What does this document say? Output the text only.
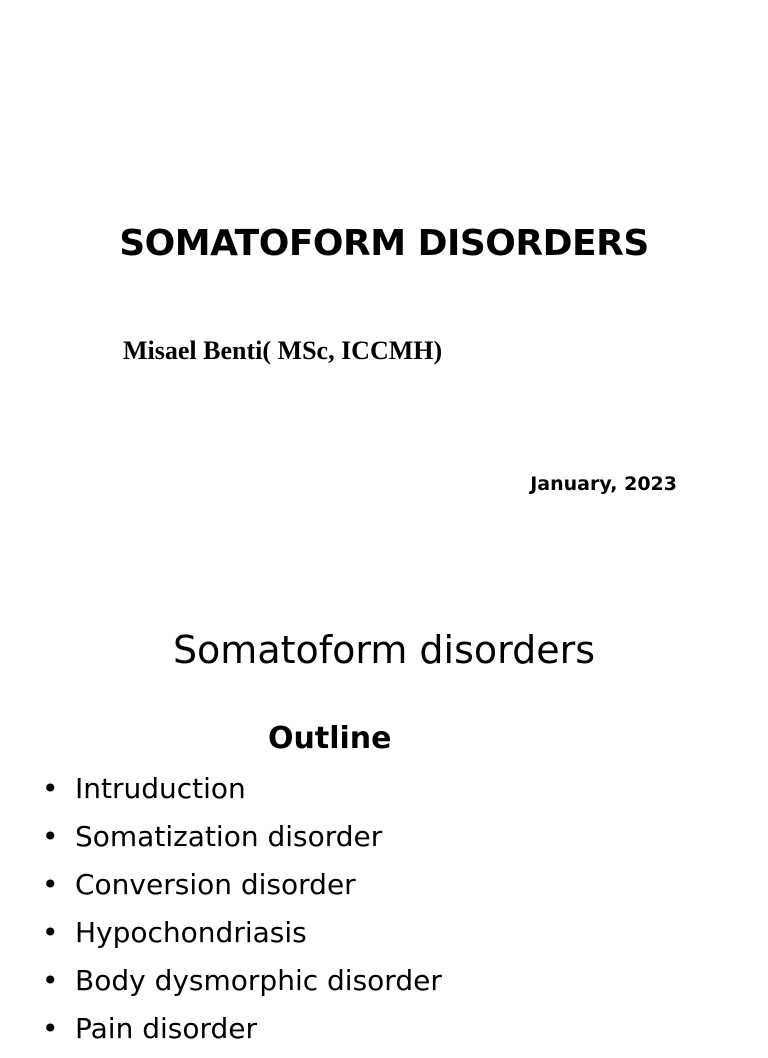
SOMATOFORM DISORDERS
Misael Benti( MSc, ICCMH)
January, 2023
Somatoform disorders
Outline
• Intruduction
• Somatization disorder
• Conversion disorder
• Hypochondriasis
• Body dysmorphic disorder
• Pain disorder
